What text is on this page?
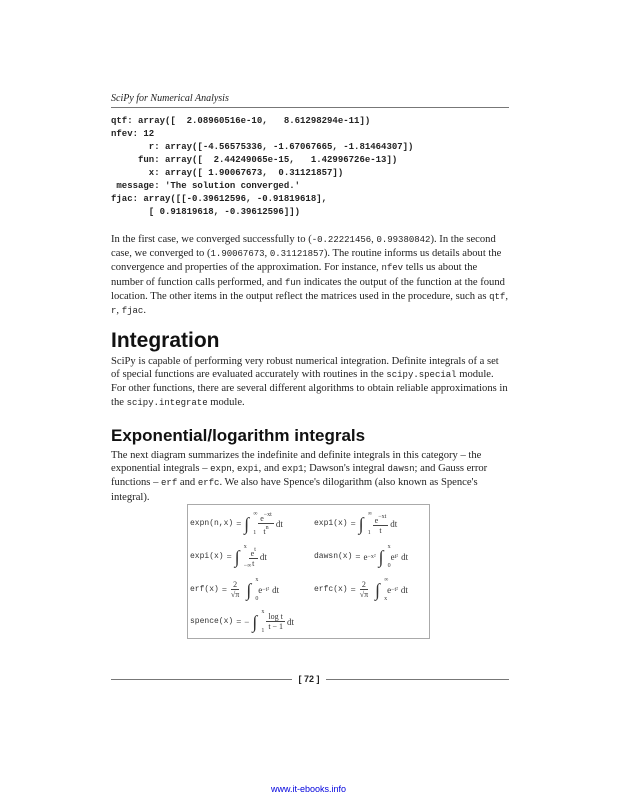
SciPy for Numerical Analysis
qtf: array([  2.08960516e-10,   8.61298294e-11])
nfev: 12
r: array([-4.56575336, -1.67067665, -1.81464307])
fun: array([  2.44249065e-15,   1.42996726e-13])
x: array([ 1.90067673,  0.31121857])
message: 'The solution converged.'
fjac: array([[-0.39612596, -0.91819618],
[ 0.91819618, -0.39612596]])

In the first case, we converged successfully to (-0.22221456, 0.99380842). In the second case, we converged to (1.90067673, 0.31121857). The routine informs us details about the convergence and properties of the approximation. For instance, nfev tells us about the number of function calls performed, and fun indicates the output of the function at the found location. The other items in the output reflect the matrices used in the procedure, such as qtf, r, fjac.

Integration

SciPy is capable of performing very robust numerical integration. Definite integrals of a set of special functions are evaluated accurately with routines in the scipy.special module. For other functions, there are several different algorithms to obtain reliable approximations in the scipy.integrate module.

Exponential/logarithm integrals

The next diagram summarizes the indefinite and definite integrals in this category – the exponential integrals – expn, expi, and exp1; Dawson's integral dawsn; and Gauss error functions – erf and erfc. We also have Spence's dilogarithm (also known as Spence's integral).

expn(n,x) = ∫ ∞
$1 \frac{e^{-xt}}{t^n}$ dt	exp1(x) = ∫ ∞
$1 \frac{e^{-xt}}{t}$ dt
expi(x) = ∫ x
−∞
$\frac{e^t}{t}$ dt	dawsn(x) = e −x² ∫ x
0
e t² dt
$erf(x) = \frac{2}{√\pi}$ ∫ x
0
e −t² dt	erfc(x) = $\frac{2}{√\pi}$ ∫ ∞
x
e −t² dt
spence(x) = − ∫ x
$1 \frac{\text{log t}}{t - 1}$ dt
[ 72 ]
www.it-ebooks.info
